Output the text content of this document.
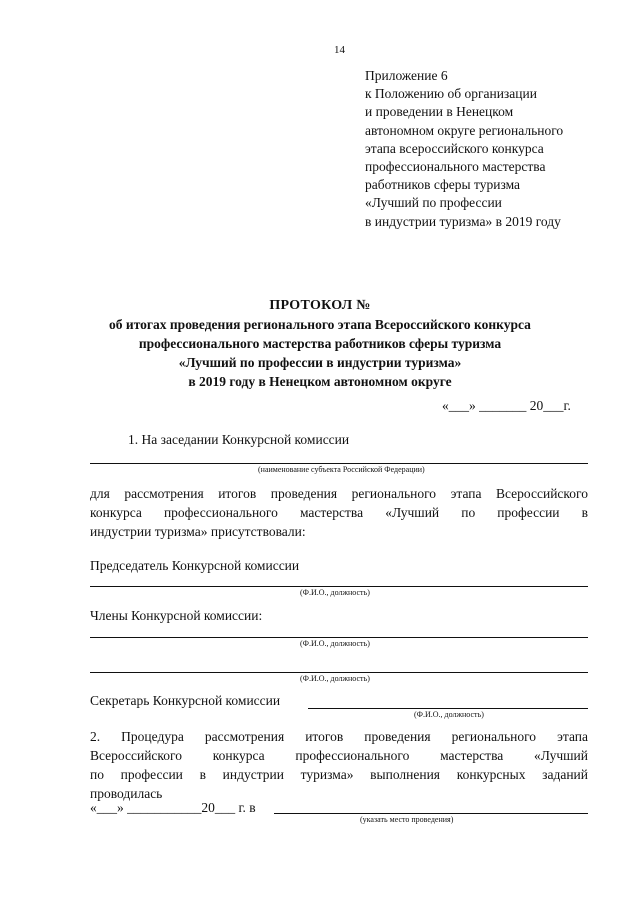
14
Приложение 6
к Положению об организации
и проведении в Ненецком
автономном округе регионального
этапа всероссийского конкурса
профессионального мастерства
работников сферы туризма
«Лучший по профессии
в индустрии туризма» в 2019 году
ПРОТОКОЛ №
об итогах проведения регионального этапа Всероссийского конкурса
профессионального мастерства работников сферы туризма
«Лучший по профессии в индустрии туризма»
в 2019 году в Ненецком автономном округе
«___» _______ 20___г.
1. На заседании Конкурсной комиссии
(наименование субъекта Российской Федерации)
для рассмотрения итогов проведения регионального этапа Всероссийского
конкурса профессионального мастерства «Лучший по профессии в
индустрии туризма» присутствовали:
Председатель Конкурсной комиссии
(Ф.И.О., должность)
Члены Конкурсной комиссии:
(Ф.И.О., должность)
(Ф.И.О., должность)
Секретарь Конкурсной комиссии
(Ф.И.О., должность)
2. Процедура рассмотрения итогов проведения регионального этапа
Всероссийского конкурса профессионального мастерства «Лучший
по профессии в индустрии туризма» выполнения конкурсных заданий
проводилась
«___» ___________20___ г. в
(указать место проведения)
